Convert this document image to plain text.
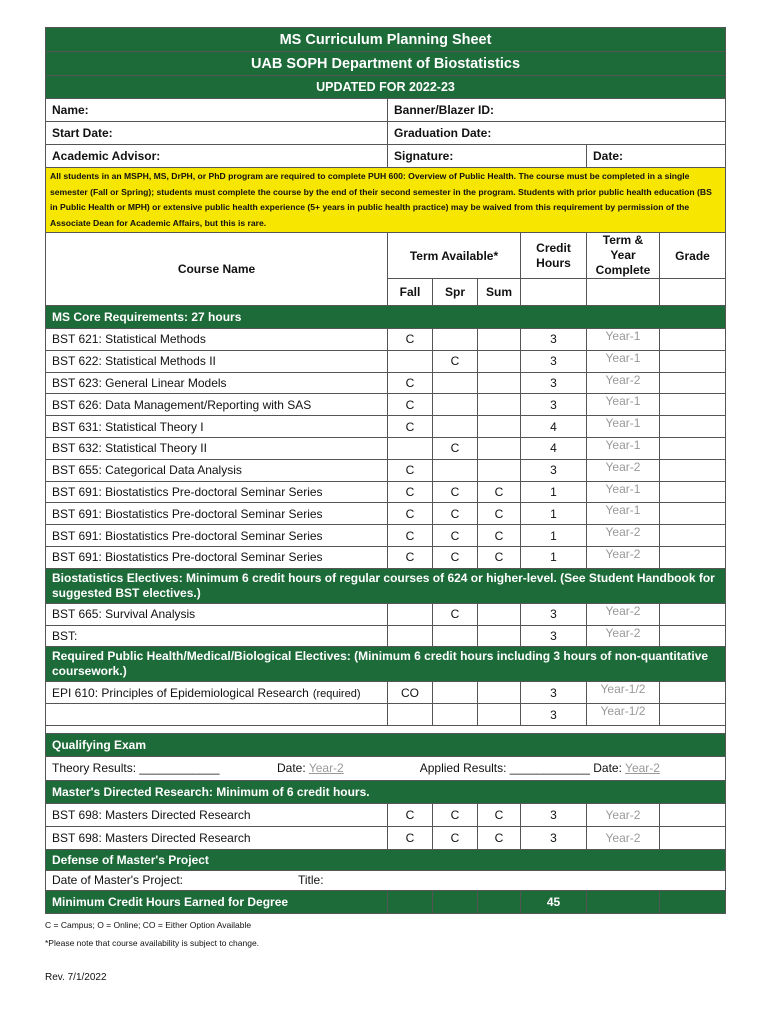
MS Curriculum Planning Sheet						
UAB SOPH Department of Biostatistics						
UPDATED FOR 2022-23						
Name:	Banner/Blazer ID:					
Start Date:	Graduation Date:					
Academic Advisor:	Signature:				Date:	
All students in an MSPH, MS, DrPH, or PhD program are required to complete PUH 600: Overview of Public Health. The course must be completed in a single semester (Fall or Spring); students must complete the course by the end of their second semester in the program. Students with prior public health education (BS in Public Health or MPH) or extensive public health experience (5+ years in public health practice) may be waived from this requirement by permission of the Associate Dean for Academic Affairs, but this is rare.						
Course Name	Term Available*			Credit Hours	Term & Year Complete	Grade
	Fall	Spr	Sum			
MS Core Requirements: 27 hours						
BST 621: Statistical Methods	C			3	Year-1	
BST 622: Statistical Methods II		C		3	Year-1	
BST 623: General Linear Models	C			3	Year-2	
BST 626: Data Management/Reporting with SAS	C			3	Year-1	
BST 631: Statistical Theory I	C			4	Year-1	
BST 632: Statistical Theory II		C		4	Year-1	
BST 655: Categorical Data Analysis	C			3	Year-2	
BST 691: Biostatistics Pre-doctoral Seminar Series	C	C	C	1	Year-1	
BST 691: Biostatistics Pre-doctoral Seminar Series	C	C	C	1	Year-1	
BST 691: Biostatistics Pre-doctoral Seminar Series	C	C	C	1	Year-2	
BST 691: Biostatistics Pre-doctoral Seminar Series	C	C	C	1	Year-2	
Biostatistics Electives: Minimum 6 credit hours of regular courses of 624 or higher-level. (See Student Handbook for suggested BST electives.)						
BST 665: Survival Analysis		C		3	Year-2	
BST:				3	Year-2	
Required Public Health/Medical/Biological Electives: (Minimum 6 credit hours including 3 hours of non-quantitative coursework.)						
EPI 610: Principles of Epidemiological Research (required)	CO			3	Year-1/2	
				3	Year-1/2	

Qualifying Exam						
Theory Results: ____________ Date: Year-2 Applied Results: ____________ Date: Year-2						
Master's Directed Research: Minimum of 6 credit hours.						
BST 698: Masters Directed Research	C	C	C	3	Year-2	
BST 698: Masters Directed Research	C	C	C	3	Year-2	
Defense of Master's Project						
Date of Master's Project: Title:						
Minimum Credit Hours Earned for Degree				45		
C = Campus; O = Online; CO = Either Option Available
*Please note that course availability is subject to change.
Rev. 7/1/2022
